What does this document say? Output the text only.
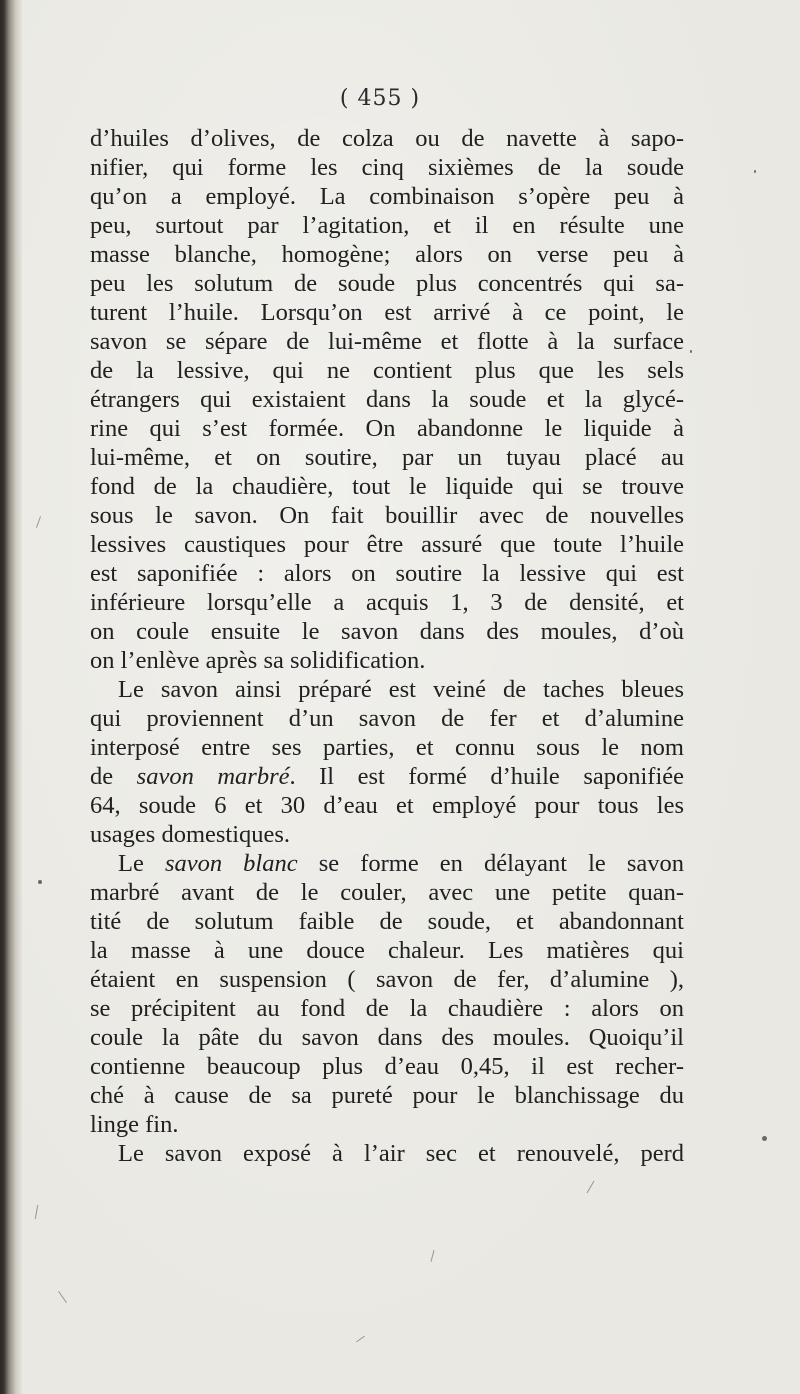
( 455 )
d’huiles d’olives, de colza ou de navette à sapo-
nifier, qui forme les cinq sixièmes de la soude
qu’on a employé. La combinaison s’opère peu à
peu, surtout par l’agitation, et il en résulte une
masse blanche, homogène; alors on verse peu à
peu les solutum de soude plus concentrés qui sa-
turent l’huile. Lorsqu’on est arrivé à ce point, le
savon se sépare de lui-même et flotte à la surface
de la lessive, qui ne contient plus que les sels
étrangers qui existaient dans la soude et la glycé-
rine qui s’est formée. On abandonne le liquide à
lui-même, et on soutire, par un tuyau placé au
fond de la chaudière, tout le liquide qui se trouve
sous le savon. On fait bouillir avec de nouvelles
lessives caustiques pour être assuré que toute l’huile
est saponifiée : alors on soutire la lessive qui est
inférieure lorsqu’elle a acquis 1, 3 de densité, et
on coule ensuite le savon dans des moules, d’où
on l’enlève après sa solidification.
Le savon ainsi préparé est veiné de taches bleues
qui proviennent d’un savon de fer et d’alumine
interposé entre ses parties, et connu sous le nom
de savon marbré. Il est formé d’huile saponifiée
64, soude 6 et 30 d’eau et employé pour tous les
usages domestiques.
Le savon blanc se forme en délayant le savon
marbré avant de le couler, avec une petite quan-
tité de solutum faible de soude, et abandonnant
la masse à une douce chaleur. Les matières qui
étaient en suspension ( savon de fer, d’alumine ),
se précipitent au fond de la chaudière : alors on
coule la pâte du savon dans des moules. Quoiqu’il
contienne beaucoup plus d’eau 0,45, il est recher-
ché à cause de sa pureté pour le blanchissage du
linge fin.
Le savon exposé à l’air sec et renouvelé, perd
